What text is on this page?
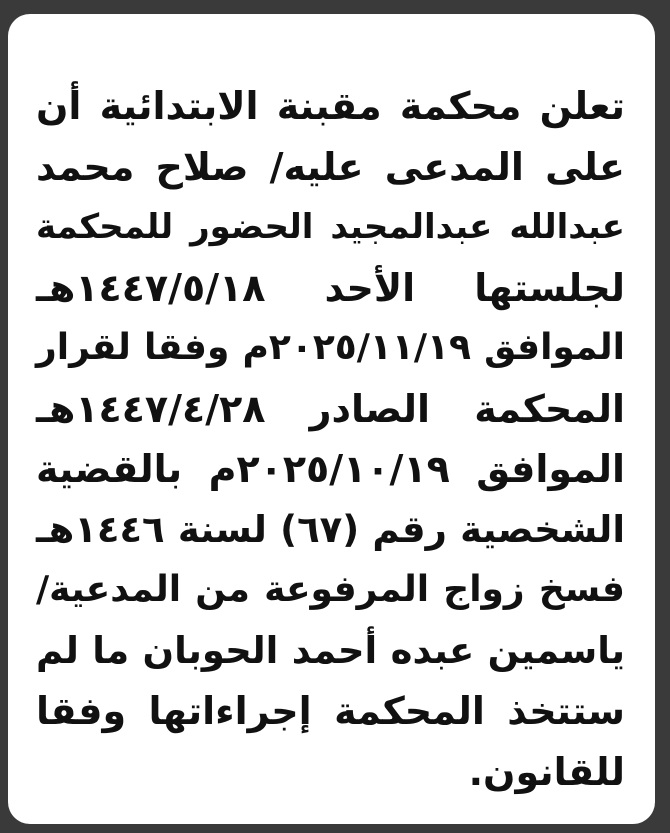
تعلن محكمة مقبنة الابتدائية أن
على المدعى عليه/ صلاح محمد
عبدالله عبدالمجيد الحضور للمحكمة
لجلستها الأحد ١٤٤٧/٥/١٨هـ
الموافق ٢٠٢٥/١١/١٩م وفقا لقرار
المحكمة الصادر ١٤٤٧/٤/٢٨هـ
الموافق ٢٠٢٥/١٠/١٩م بالقضية
الشخصية رقم (٦٧) لسنة ١٤٤٦هـ
فسخ زواج المرفوعة من المدعية/
ياسمين عبده أحمد الحوبان ما لم
ستتخذ المحكمة إجراءاتها وفقا
للقانون.
